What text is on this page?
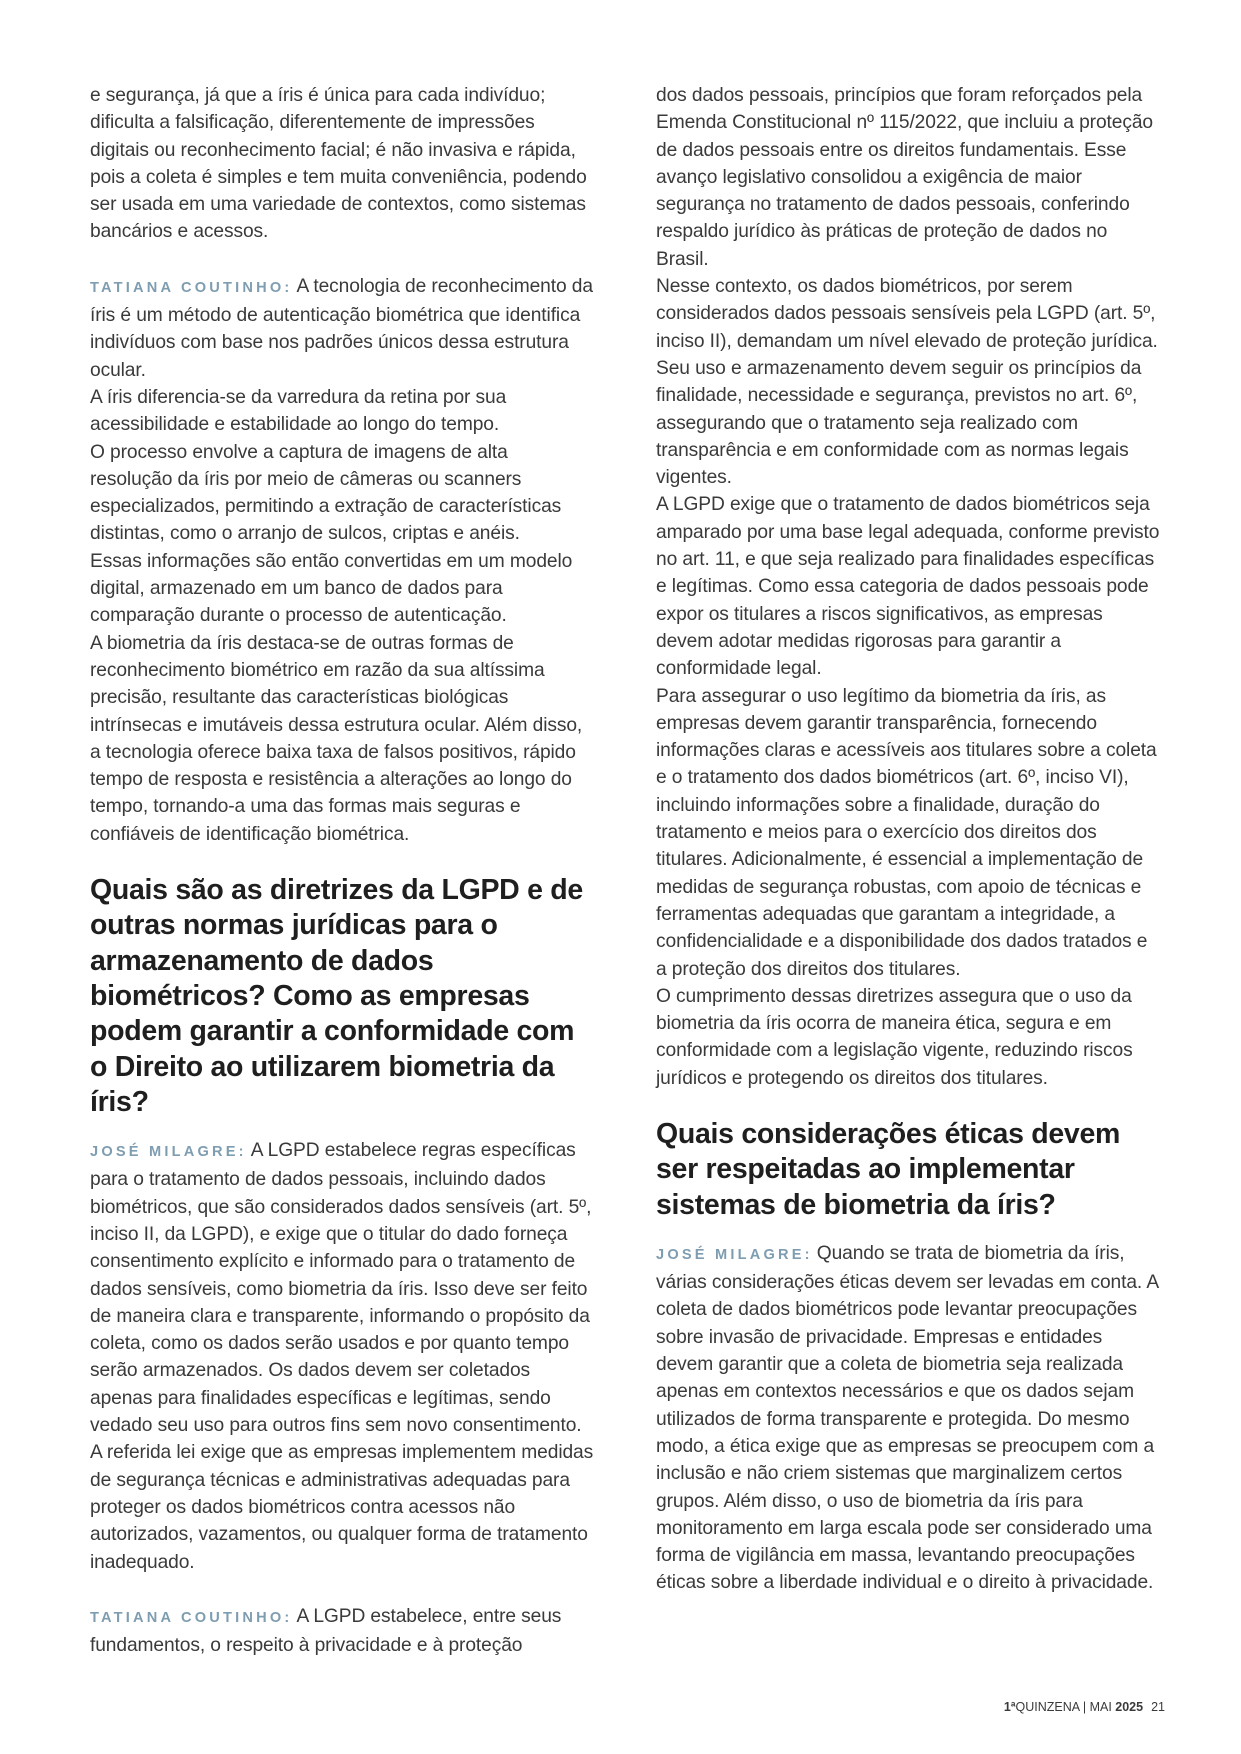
e segurança, já que a íris é única para cada indivíduo; dificulta a falsificação, diferentemente de impressões digitais ou reconhecimento facial; é não invasiva e rápida, pois a coleta é simples e tem muita conveniência, podendo ser usada em uma variedade de contextos, como sistemas bancários e acessos.

TATIANA COUTINHO: A tecnologia de reconhecimento da íris é um método de autenticação biométrica que identifica indivíduos com base nos padrões únicos dessa estrutura ocular.

A íris diferencia-se da varredura da retina por sua acessibilidade e estabilidade ao longo do tempo.

O processo envolve a captura de imagens de alta resolução da íris por meio de câmeras ou scanners especializados, permitindo a extração de características distintas, como o arranjo de sulcos, criptas e anéis.

Essas informações são então convertidas em um modelo digital, armazenado em um banco de dados para comparação durante o processo de autenticação.

A biometria da íris destaca-se de outras formas de reconhecimento biométrico em razão da sua altíssima precisão, resultante das características biológicas intrínsecas e imutáveis dessa estrutura ocular. Além disso, a tecnologia oferece baixa taxa de falsos positivos, rápido tempo de resposta e resistência a alterações ao longo do tempo, tornando-a uma das formas mais seguras e confiáveis de identificação biométrica.

Quais são as diretrizes da LGPD e de outras normas jurídicas para o armazenamento de dados biométricos? Como as empresas podem garantir a conformidade com o Direito ao utilizarem biometria da íris?

JOSÉ MILAGRE: A LGPD estabelece regras específicas para o tratamento de dados pessoais, incluindo dados biométricos, que são considerados dados sensíveis (art. 5º, inciso II, da LGPD), e exige que o titular do dado forneça consentimento explícito e informado para o tratamento de dados sensíveis, como biometria da íris. Isso deve ser feito de maneira clara e transparente, informando o propósito da coleta, como os dados serão usados e por quanto tempo serão armazenados. Os dados devem ser coletados apenas para finalidades específicas e legítimas, sendo vedado seu uso para outros fins sem novo consentimento.

A referida lei exige que as empresas implementem medidas de segurança técnicas e administrativas adequadas para proteger os dados biométricos contra acessos não autorizados, vazamentos, ou qualquer forma de tratamento inadequado.

TATIANA COUTINHO: A LGPD estabelece, entre seus fundamentos, o respeito à privacidade e à proteção

dos dados pessoais, princípios que foram reforçados pela Emenda Constitucional nº 115/2022, que incluiu a proteção de dados pessoais entre os direitos fundamentais. Esse avanço legislativo consolidou a exigência de maior segurança no tratamento de dados pessoais, conferindo respaldo jurídico às práticas de proteção de dados no Brasil.

Nesse contexto, os dados biométricos, por serem considerados dados pessoais sensíveis pela LGPD (art. 5º, inciso II), demandam um nível elevado de proteção jurídica. Seu uso e armazenamento devem seguir os princípios da finalidade, necessidade e segurança, previstos no art. 6º, assegurando que o tratamento seja realizado com transparência e em conformidade com as normas legais vigentes.

A LGPD exige que o tratamento de dados biométricos seja amparado por uma base legal adequada, conforme previsto no art. 11, e que seja realizado para finalidades específicas e legítimas. Como essa categoria de dados pessoais pode expor os titulares a riscos significativos, as empresas devem adotar medidas rigorosas para garantir a conformidade legal.

Para assegurar o uso legítimo da biometria da íris, as empresas devem garantir transparência, fornecendo informações claras e acessíveis aos titulares sobre a coleta e o tratamento dos dados biométricos (art. 6º, inciso VI), incluindo informações sobre a finalidade, duração do tratamento e meios para o exercício dos direitos dos titulares. Adicionalmente, é essencial a implementação de medidas de segurança robustas, com apoio de técnicas e ferramentas adequadas que garantam a integridade, a confidencialidade e a disponibilidade dos dados tratados e a proteção dos direitos dos titulares.

O cumprimento dessas diretrizes assegura que o uso da biometria da íris ocorra de maneira ética, segura e em conformidade com a legislação vigente, reduzindo riscos jurídicos e protegendo os direitos dos titulares.

Quais considerações éticas devem ser respeitadas ao implementar sistemas de biometria da íris?

JOSÉ MILAGRE: Quando se trata de biometria da íris, várias considerações éticas devem ser levadas em conta. A coleta de dados biométricos pode levantar preocupações sobre invasão de privacidade. Empresas e entidades devem garantir que a coleta de biometria seja realizada apenas em contextos necessários e que os dados sejam utilizados de forma transparente e protegida. Do mesmo modo, a ética exige que as empresas se preocupem com a inclusão e não criem sistemas que marginalizem certos grupos. Além disso, o uso de biometria da íris para monitoramento em larga escala pode ser considerado uma forma de vigilância em massa, levantando preocupações éticas sobre a liberdade individual e o direito à privacidade.

1ªQUINZENA | MAI 2025 21
